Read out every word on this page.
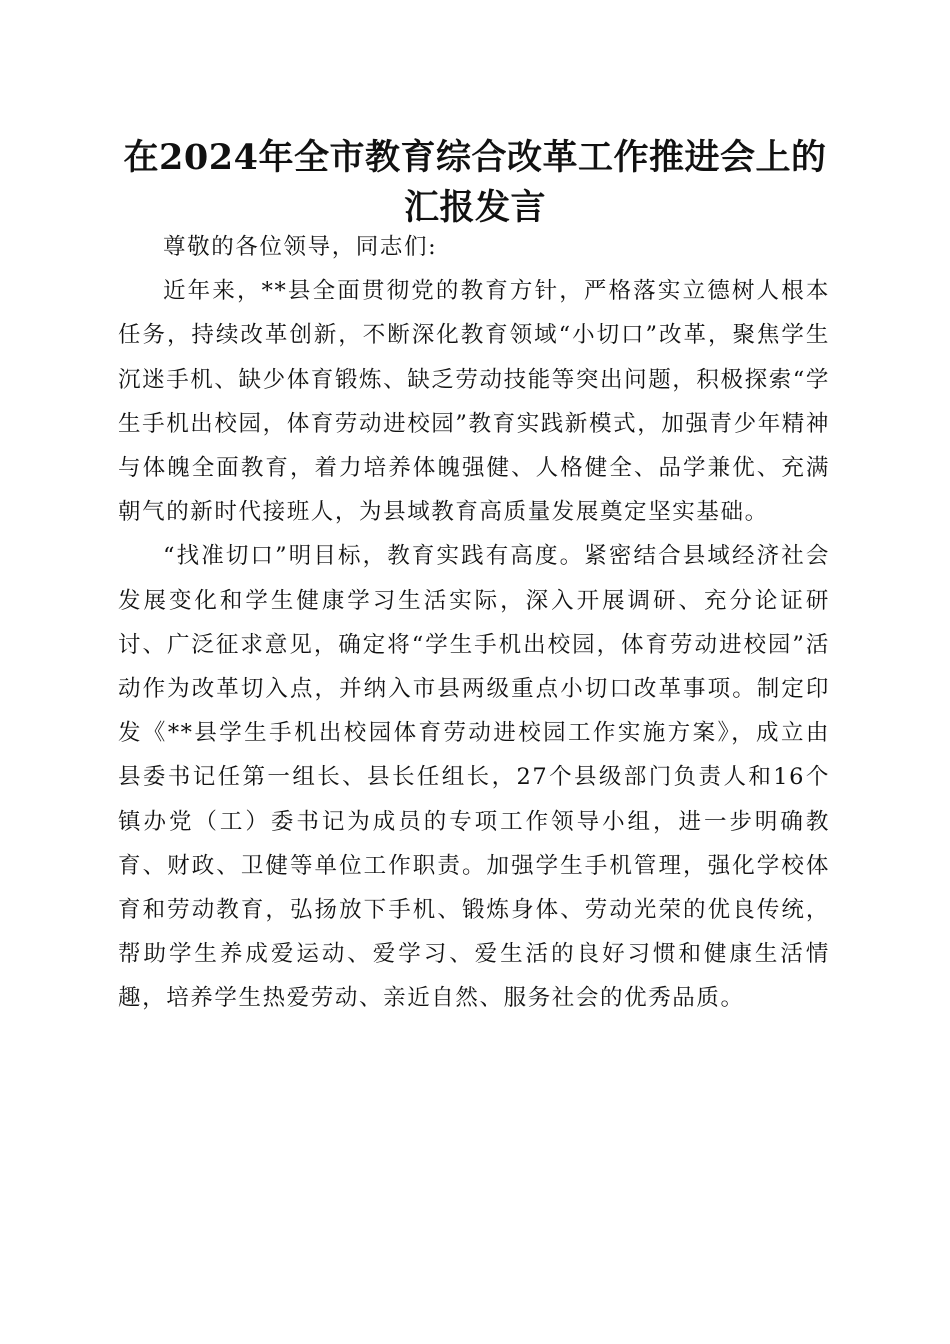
在2024年全市教育综合改革工作推进会上的
汇报发言

尊敬的各位领导，同志们:

近年来，**县全面贯彻党的教育方针，严格落实立德树人根本任务，持续改革创新，不断深化教育领域“小切口”改革，聚焦学生沉迷手机、缺少体育锻炼、缺乏劳动技能等突出问题，积极探索“学生手机出校园，体育劳动进校园”教育实践新模式，加强青少年精神与体魄全面教育，着力培养体魄强健、人格健全、品学兼优、充满朝气的新时代接班人，为县域教育高质量发展奠定坚实基础。

“找准切口”明目标，教育实践有高度。紧密结合县域经济社会发展变化和学生健康学习生活实际，深入开展调研、充分论证研讨、广泛征求意见，确定将“学生手机出校园，体育劳动进校园”活动作为改革切入点，并纳入市县两级重点小切口改革事项。制定印发《**县学生手机出校园体育劳动进校园工作实施方案》，成立由县委书记任第一组长、县长任组长，27个县级部门负责人和16个镇办党（工）委书记为成员的专项工作领导小组，进一步明确教育、财政、卫健等单位工作职责。加强学生手机管理，强化学校体育和劳动教育，弘扬放下手机、锻炼身体、劳动光荣的优良传统，帮助学生养成爱运动、爱学习、爱生活的良好习惯和健康生活情趣，培养学生热爱劳动、亲近自然、服务社会的优秀品质。
